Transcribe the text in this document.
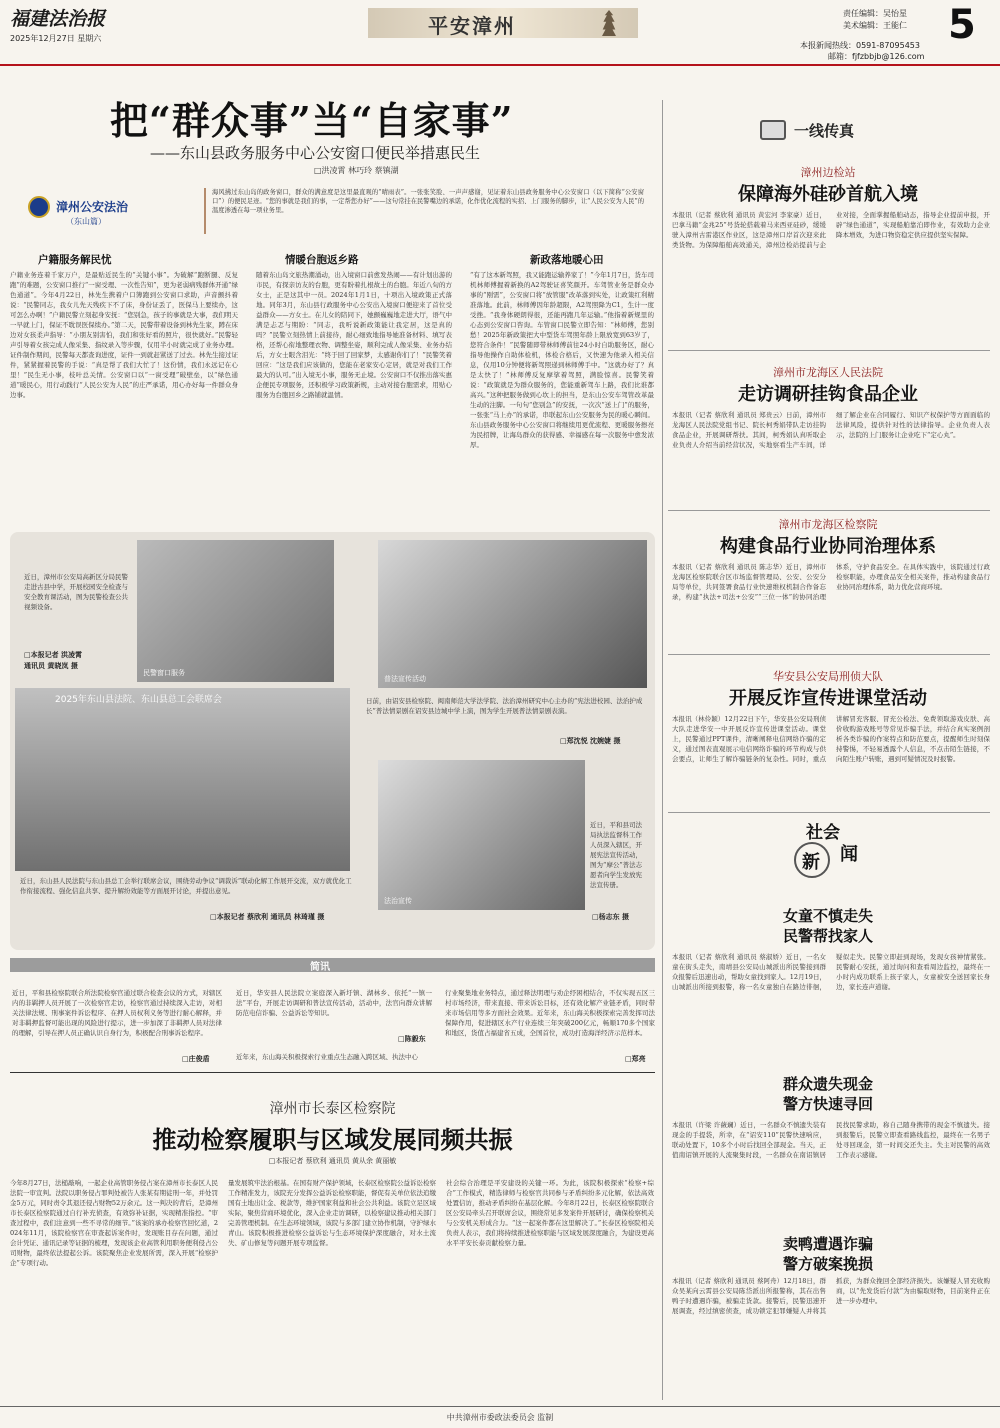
福建法治报
2025年12月27日 星期六
平安漳州
责任编辑：吴怡星
美术编辑：王能仁
本报新闻热线：0591-87095453
邮箱：fjfzbbjb@126.com
5
把“群众事”当“自家事”
——东山县政务服务中心公安窗口便民举措惠民生
□洪凌霄 林巧玲 蔡镇湖
漳州公安法治
（东山篇）
海风拂过东山岛的政务窗口，群众的满意度是这里最直观的“晴雨表”。一张张笑脸、一声声感谢，见证着东山县政务服务中心公安窗口（以下简称“公安窗口”）的便民足迹。“您的事就是我们的事，一定帮您办好”——这句常挂在民警嘴边的承诺，化作优化流程的实招、上门服务的脚步，让“人民公安为人民”的温度渗透在每一项业务里。
户籍服务解民忧	情暖台胞返乡路	新政落地暖心田
户籍业务连着千家万户，是最贴近民生的“关键小事”。为破解“跑断腿、反复跑”的难题，公安窗口推行“一窗受理、一次性告知”，更为老弱病残群体开通“绿色通道”。今年4月22日，林先生携着户口簿跑到公安窗口求助，声音颤抖着说：“民警同志，我女儿先天残疾下不了床，身份证丢了，医保马上要续办，这可怎么办啊！”户籍民警立刻起身安抚：“您别急，孩子的事就是大事，我们明天一早就上门，保证不耽误医保续办。”第二天，民警带着设备到林先生家，蹲在床边对女孩柔声指导：“小朋友别害怕，我们和张好看的照片，很快就好。”民警轻声引导着女孩完成人像采集、指纹录入等步骤，仅用半小时就完成了业务办理。证件制作期间，民警每天都查询进度，证件一到就赶紧送了过去。林先生接过证件，紧紧握着民警的手说：“真是帮了我们大忙了！这份情，我们永远记在心里！”民生无小事，枝叶总关情。公安窗口以“一窗受理”破壁垒，以“绿色通道”暖民心，用行动践行“人民公安为人民”的庄严承诺，用心办好每一件群众身边事。
随着东山岛文旅热潮涌动，出入境窗口前愈发热闹——有计划出游的市民，有探亲访友的台胞，更有盼着扎根故土的台胞。年近八旬的方女士，正是这其中一员。2024年1月1日，十项出入境政策正式落地。同年3月，东山县行政服务中心公安出入境窗口便迎来了首位受益群众——方女士。在儿女的陪同下，她颤巍巍地走进大厅，语气中满是忐忑与期盼：“同志，我听说新政策能让我定居，这是真的吗？”民警立刻热情上前接待，耐心细致地指导她准备材料、填写表格，还帮心衔地整理衣物、调整坐姿，顺利完成人像采集、业务办结后，方女士眼含泪光：“终于回了回家梦，太感谢你们了！”民警笑着回应：“这是我们应该做的，您能在老家安心定居，就是对我们工作最大的认可。”出入境无小事，服务无止境。公安窗口不仅推出落实惠企便民专项服务，还积极学习政策新规，主动对接台胞需求，用贴心服务为台胞回乡之路铺就温情。
“有了这本新驾照，我又能跑运输养家了！”今年1月7日，货车司机林师傅握着新换的A2驾驶证喜笑颜开。车驾管业务是群众办事的“刚需”，公安窗口将“放管服”改革落到实处，让政策红利精准落地。此前，林师傅因年龄超限，A2驾照降为C1，生计一度受挫。“我身体硬朗得很，还能再跑几年运输。”他指着新规里的心态到公安窗口咨询。车管窗口民警立即告知：“林师傅，您别愁！2025年新政策把大中型货车驾照年龄上限放宽到63岁了，您符合条件！”民警随即带林师傅前往24小时自助服务区，耐心指导他操作自助体检机，体检合格后，又快速为他录入相关信息，仅用10分钟便将新驾照递到林师傅手中。“这就办好了？真是太快了！”林师傅反复摩挲着驾照，满脸惊喜。民警笑着说：“政策就是为群众服务的，您能重新驾车上路，我们比谁都高兴。”这种把服务做到心坎上的担当，是东山公安车驾管改革最生动的注脚。一句句“您别急”的安抚，一次次“送上门”的服务，一张张“马上办”的承诺，串联起东山公安服务为民的暖心瞬间。东山县政务服务中心公安窗口将继续用更优流程、更暖服务擦亮为民招牌，让海岛群众的获得感、幸福感在每一次服务中愈发浓厚。
民警窗口服务
近日，漳州市公安局高新区分局民警走进古县中学，开展校园安全检查与安全教育课活动，图为民警检查公共视频设备。
□本报记者 洪凌霄
通讯员 黄晓岚 摄
普法宣传活动
日前，由诏安县检察院、闽南师范大学法学院、法治漳州研究中心主办的“宪法进校园、法治护成长”普法情景剧在诏安县边城中学上演，图为学生开展普法情景剧表演。
□郑沈悦 沈婉婕 摄
2025年东山县法院、东山县总工会联席会
近日，东山县人民法院与东山县总工会举行联席会议，围绕劳动争议“调裁诉”联动化解工作展开交流，双方就优化工作衔接流程、强化信息共享、提升解纷效能等方面展开讨论，并提出意见。
□本报记者 蔡欣利 通讯员 林琦瑾 摄
法治宣传
近日，平和县司法局执法监督科工作人员深入辖区，开展宪法宣传活动，图为“摩公”普法志愿者向学生发放宪法宣传册。
□杨志东 摄
简讯
近日，平和县检察院联合所法院检察官通过联合检查会议的方式，对辖区内的非羁押人员开展了一次检察官走访，检察官通过持续深入走访，对相关法律法规、刑事案件诉讼程序、在押人员权利义务等进行耐心解释，并对非羁押监督可能出现的风险进行提示，进一步加深了非羁押人员对法律的理解，引导在押人员正确认识自身行为，积极配合刑事诉讼程序。
□庄俊盾
近日，华安县人民法院立案庭深入新圩镇、湖林乡、依托“一镇一法”平台，开展走访调研和普法宣传活动，活动中，法官向群众讲解防范电信诈骗、公益诉讼等知识。
□陈毅东
近年来，东山海关积极探索行业重点生态融入跨区域、执法中心
行业聚集地业务特点，通过释法明理与劝企纾困相结合，不仅实现五区三村市场经济，带来直接、带来诉讼目标，还有效化解产业链矛盾，同时带来市场信用等多方面社会效果。近年来，东山海关积极探索完善发挥司法保障作用，促进辖区水产行业连续三年突破200亿元，畅顺170多个国家和地区，货值占福建省五成，全国首位，成功打造海洋经济示范样本。
□郑亮
漳州市长泰区检察院
推动检察履职与区域发展同频共振
□本报记者 蔡欣利 通讯员 黄从余 黄丽敏
今年8月27日，法槌敲响，一起企业高管职务侵占案在漳州市长泰区人民法院一审宣判。法院以职务侵占罪判处被告人张某有期徒刑一年，并处罚金5万元，同时责令其退还侵占财物52万余元。这一判决的背后，是漳州市长泰区检察院通过自行补充侦查，有效弥补证据，实现精准指控。“审查过程中，我们注意到一些不寻常的细节。”该案的承办检察官回忆道，2024年11月，该院检察官在审查起诉案件时，发现账目存在问题，通过会计凭证、通讯记录等证据的梳理，发现该企业高管利用职务便利侵占公司财物，最终依法提起公诉。该院聚焦企业发展所需，深入开展“检察护企”专项行动。
量发展筑牢法治根基。在国有财产保护领域，长泰区检察院公益诉讼检察工作精准发力，该院充分发挥公益诉讼检察职能，督促有关单位依法追缴国有土地出让金、税款等，维护国家利益和社会公共利益。该院立足区域实际，聚焦营商环境优化，深入企业走访调研，以检察建议推动相关部门完善管理机制。在生态环境领域，该院与多部门建立协作机制，守护绿水青山。该院积极推进检察公益诉讼与生态环境保护深度融合，对水土流失、矿山修复等问题开展专项监督。
社会综合治理是平安建设的关键一环。为此，该院积极探索“检察+综合”工作模式，精选律师与检察官共同参与矛盾纠纷多元化解，依法高效处置信访，推动矛盾纠纷在基层化解。今年8月22日，长泰区检察院联合区公安局牵头召开联席会议，围绕常见多发案件开展研讨，确保检察机关与公安机关形成合力。“这一起案件都在这里解决了。”长泰区检察院相关负责人表示，我们将持续推进检察职能与区域发展深度融合，为建设更高水平平安长泰贡献检察力量。
一线传真
漳州边检站
保障海外硅砂首航入境
本报讯（记者 蔡欣利 通讯员 黄宏河 李家豪）近日，巴拿马籍“金兆25”号货轮搭载着马来西亚硅砂，缓缓驶入漳州古雷港区作业区，这是漳州口岸首次迎来此类货物。为保障船舶高效通关，漳州边检站提前与企业对接，全面掌握船舶动态，指导企业提前申报，开辟“绿色通道”，实现船舶靠泊即作业，有效助力企业降本增效，为进口物资稳定供应提供坚实保障。
漳州市龙海区人民法院
走访调研挂钩食品企业
本报讯（记者 蔡欣利 通讯员 郑贵云）日前，漳州市龙海区人民法院党组书记、院长柯秀娟带队走访挂钩食品企业，开展调研帮扶。其间，柯秀娟认真听取企业负责人介绍当前经营状况，实地察看生产车间，详细了解企业在合同履行、知识产权保护等方面面临的法律风险，提供针对性的法律指导。企业负责人表示，法院的上门服务让企业吃下“定心丸”。
漳州市龙海区检察院
构建食品行业协同治理体系
本报讯（记者 蔡欣利 通讯员 陈志华）近日，漳州市龙海区检察院联合区市场监督管理局、公安、公安分局等单位，共同签署食品行业快速维权机制合作备忘录，构建“执法+司法+公安”“三位一体”的协同治理体系，守护食品安全。在具体实践中，该院通过行政检察职能，办理食品安全相关案件，推动构建食品行业协同治理体系，助力优化营商环境。
华安县公安局刑侦大队
开展反诈宣传进课堂活动
本报讯（林伶颖）12月22日下午，华安县公安局刑侦大队走进华安一中开展反诈宣传进课堂活动。课堂上，民警通过PPT课件，清晰阐释电信网络诈骗的定义，通过图表直观展示电信网络诈骗的环节构成与供会要点，让师生了解诈骗链条的复杂性。同时，重点讲解冒充客服、冒充公检法、免费领取游戏皮肤、高价收购游戏账号等常见诈骗手法，并结合真实案例剖析各类诈骗的作案特点和防范要点，提醒师生时刻保持警惕，不轻易透露个人信息，不点击陌生链接，不向陌生账户转账，遇到可疑情况及时报警。
社会
新 闻
女童不慎走失
民警帮找家人
本报讯（记者 蔡欣利 通讯员 蔡淑娇）近日，一名女童在街头走失，南靖县公安局山城派出所民警接到群众报警后迅速出动，帮助女童找到家人。12月19日，山城派出所接到报警，称一名女童独自在路边徘徊，疑似走失。民警立即赶到现场，发现女孩神情紧张。民警耐心安抚，通过询问和查看周边监控，最终在一小时内成功联系上孩子家人，女童被安全送回家长身边，家长连声道谢。
群众遗失现金
警方快速寻回
本报讯（许梁 许薇斓）近日，一名群众不慎遗失装有现金的手提袋，所幸，在“诏安110”民警快速响应，联动处置下，10多个小时后找回全部现金。当天，正值南诏镇开展的人流聚集时段，一名群众在南诏镇居民找民警求助，称自己随身携带的现金不慎遗失。接到报警后，民警立即查看路线监控，最终在一名男子处寻回现金，第一时间交还失主。失主对民警的高效工作表示感谢。
卖鸭遭遇诈骗
警方破案挽损
本报讯（记者 蔡欣利 通讯员 蔡阿舟）12月18日，群众吴某向云霄县公安局陈岱派出所报警称，其在出售鸭子时遭遇诈骗，被骗走货款。接警后，民警迅速开展调查，经过缜密侦查，成功锁定犯罪嫌疑人并将其抓获，为群众挽回全部经济损失。该嫌疑人冒充收购商，以“先发货后付款”为由骗取财物，目前案件正在进一步办理中。
中共漳州市委政法委员会 监制
